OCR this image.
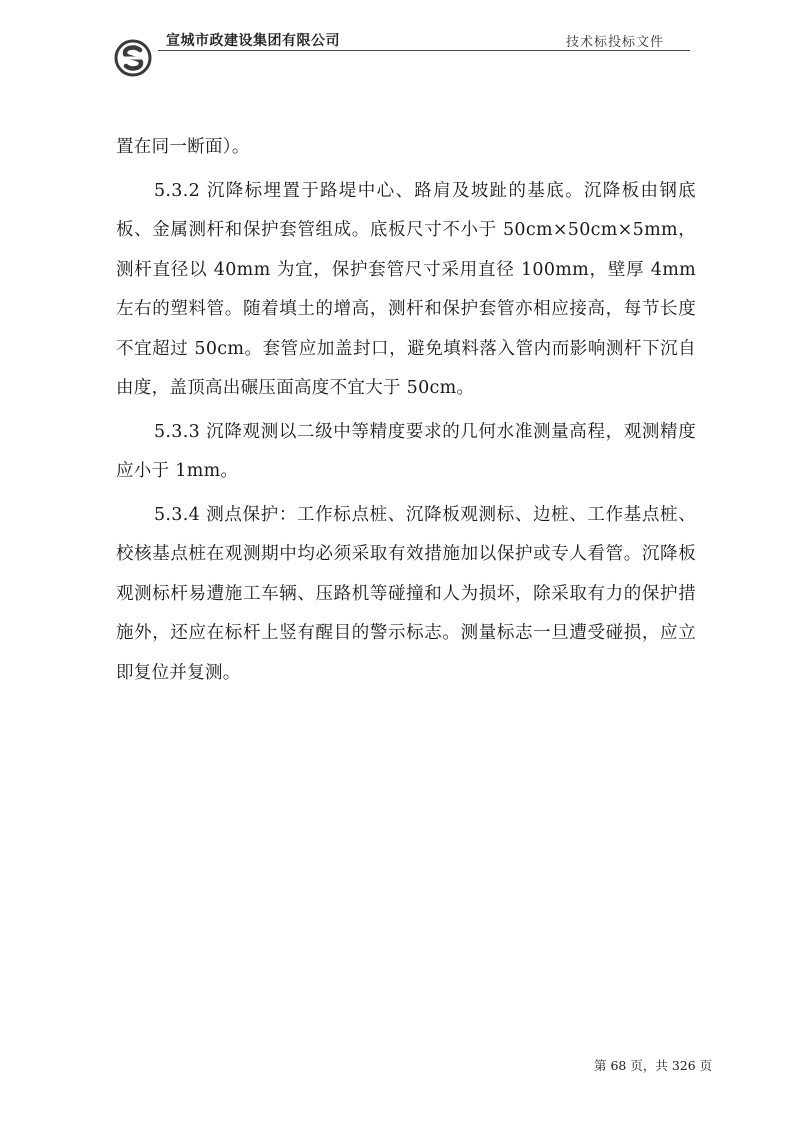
宣城市政建设集团有限公司	技术标投标文件

置在同一断面）。

5.3.2 沉降标埋置于路堤中心、路肩及坡趾的基底。沉降板由钢底板、金属测杆和保护套管组成。底板尺寸不小于 50cm×50cm×5mm，测杆直径以 40mm 为宜，保护套管尺寸采用直径 100mm，壁厚 4mm 左右的塑料管。随着填土的增高，测杆和保护套管亦相应接高，每节长度不宜超过 50cm。套管应加盖封口，避免填料落入管内而影响测杆下沉自由度，盖顶高出碾压面高度不宜大于 50cm。

5.3.3 沉降观测以二级中等精度要求的几何水准测量高程，观测精度应小于 1mm。

5.3.4 测点保护：工作标点桩、沉降板观测标、边桩、工作基点桩、校核基点桩在观测期中均必须采取有效措施加以保护或专人看管。沉降板观测标杆易遭施工车辆、压路机等碰撞和人为损坏，除采取有力的保护措施外，还应在标杆上竖有醒目的警示标志。测量标志一旦遭受碰损，应立即复位并复测。

第 68 页，共 326 页
